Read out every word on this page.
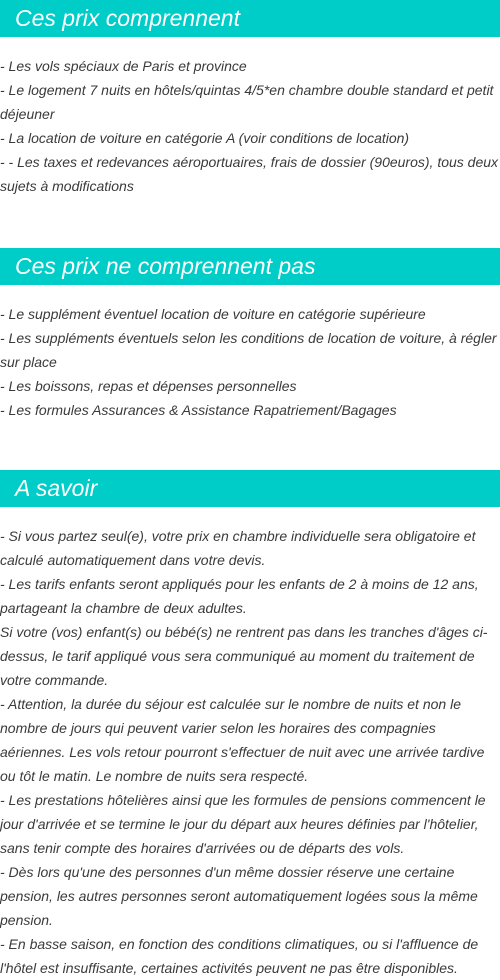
Ces prix comprennent

- Les vols spéciaux de Paris et province

- Le logement 7 nuits en hôtels/quintas 4/5*en chambre double standard et petit déjeuner

- La location de voiture en catégorie A (voir conditions de location)

- - Les taxes et redevances aéroportuaires, frais de dossier (90euros), tous deux sujets à modifications

Ces prix ne comprennent pas

- Le supplément éventuel location de voiture en catégorie supérieure

- Les suppléments éventuels selon les conditions de location de voiture, à régler sur place

- Les boissons, repas et dépenses personnelles

- Les formules Assurances & Assistance Rapatriement/Bagages

A savoir

- Si vous partez seul(e), votre prix en chambre individuelle sera obligatoire et calculé automatiquement dans votre devis.

- Les tarifs enfants seront appliqués pour les enfants de 2 à moins de 12 ans, partageant la chambre de deux adultes.

Si votre (vos) enfant(s) ou bébé(s) ne rentrent pas dans les tranches d'âges ci-dessus, le tarif appliqué vous sera communiqué au moment du traitement de votre commande.

- Attention, la durée du séjour est calculée sur le nombre de nuits et non le nombre de jours qui peuvent varier selon les horaires des compagnies aériennes. Les vols retour pourront s'effectuer de nuit avec une arrivée tardive ou tôt le matin. Le nombre de nuits sera respecté.

- Les prestations hôtelières ainsi que les formules de pensions commencent le jour d'arrivée et se termine le jour du départ aux heures définies par l'hôtelier, sans tenir compte des horaires d'arrivées ou de départs des vols.

- Dès lors qu'une des personnes d'un même dossier réserve une certaine pension, les autres personnes seront automatiquement logées sous la même pension.

- En basse saison, en fonction des conditions climatiques, ou si l'affluence de l'hôtel est insuffisante, certaines activités peuvent ne pas être disponibles.
